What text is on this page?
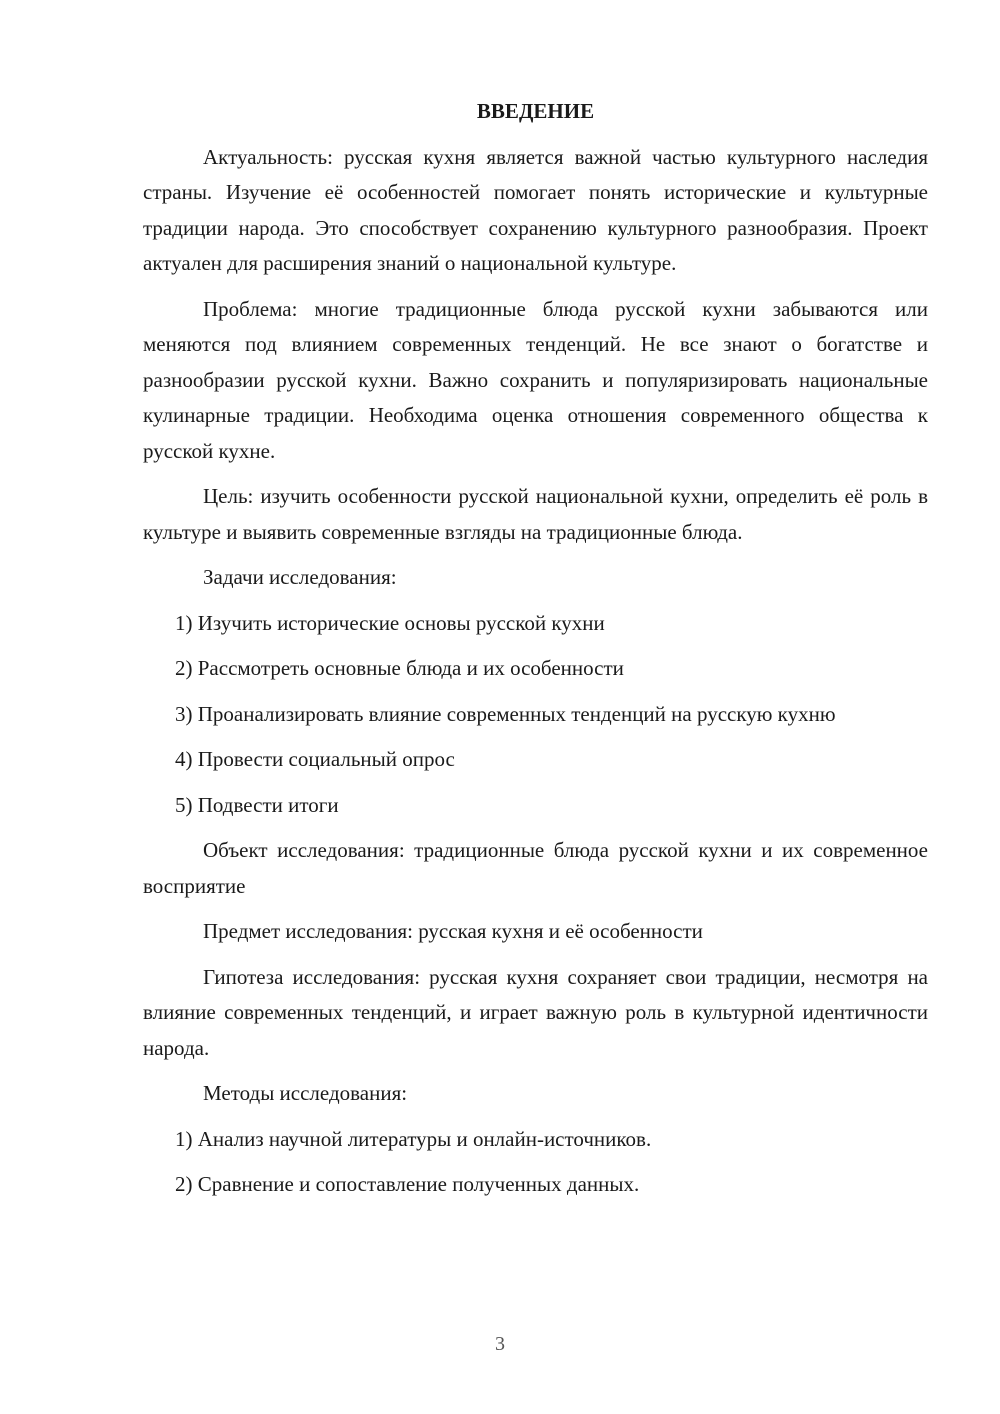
ВВЕДЕНИЕ

Актуальность: русская кухня является важной частью культурного наследия страны. Изучение её особенностей помогает понять исторические и культурные традиции народа. Это способствует сохранению культурного разнообразия. Проект актуален для расширения знаний о национальной культуре.

Проблема: многие традиционные блюда русской кухни забываются или меняются под влиянием современных тенденций. Не все знают о богатстве и разнообразии русской кухни. Важно сохранить и популяризировать национальные кулинарные традиции. Необходима оценка отношения современного общества к русской кухне.

Цель: изучить особенности русской национальной кухни, определить её роль в культуре и выявить современные взгляды на традиционные блюда.

Задачи исследования:

1) Изучить исторические основы русской кухни

2) Рассмотреть основные блюда и их особенности

3) Проанализировать влияние современных тенденций на русскую кухню

4) Провести социальный опрос

5) Подвести итоги

Объект исследования: традиционные блюда русской кухни и их современное восприятие

Предмет исследования: русская кухня и её особенности

Гипотеза исследования: русская кухня сохраняет свои традиции, несмотря на влияние современных тенденций, и играет важную роль в культурной идентичности народа.

Методы исследования:

1) Анализ научной литературы и онлайн-источников.

2) Сравнение и сопоставление полученных данных.

3
